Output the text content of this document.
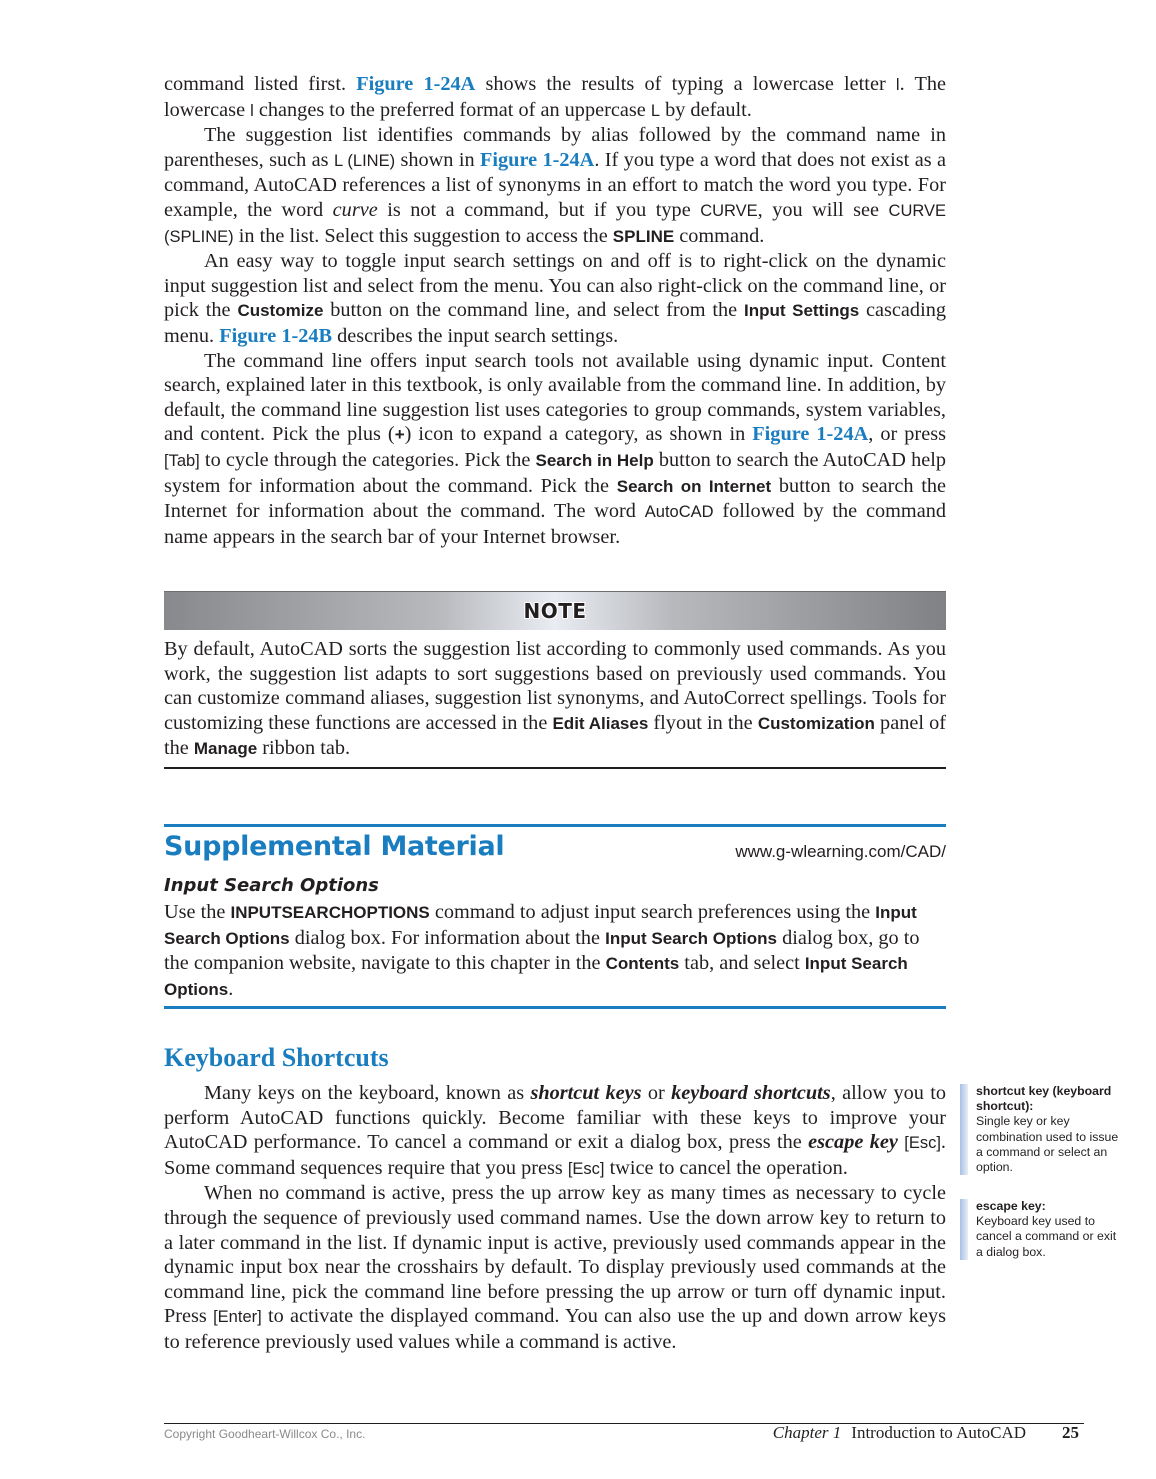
command listed first. Figure 1-24A shows the results of typing a lowercase letter l. The lowercase l changes to the preferred format of an uppercase L by default.

The suggestion list identifies commands by alias followed by the command name in parentheses, such as L (LINE) shown in Figure 1-24A. If you type a word that does not exist as a command, AutoCAD references a list of synonyms in an effort to match the word you type. For example, the word curve is not a command, but if you type CURVE, you will see CURVE (SPLINE) in the list. Select this suggestion to access the SPLINE command.

An easy way to toggle input search settings on and off is to right-click on the dynamic input suggestion list and select from the menu. You can also right-click on the command line, or pick the Customize button on the command line, and select from the Input Settings cascading menu. Figure 1-24B describes the input search settings.

The command line offers input search tools not available using dynamic input. Content search, explained later in this textbook, is only available from the command line. In addition, by default, the command line suggestion list uses categories to group commands, system variables, and content. Pick the plus (+) icon to expand a category, as shown in Figure 1-24A, or press [Tab] to cycle through the categories. Pick the Search in Help button to search the AutoCAD help system for information about the command. Pick the Search on Internet button to search the Internet for information about the command. The word AutoCAD followed by the command name appears in the search bar of your Internet browser.

NOTE

By default, AutoCAD sorts the suggestion list according to commonly used commands. As you work, the suggestion list adapts to sort suggestions based on previously used commands. You can customize command aliases, suggestion list synonyms, and AutoCorrect spellings. Tools for customizing these functions are accessed in the Edit Aliases flyout in the Customization panel of the Manage ribbon tab.

Supplemental Material	www.g-wlearning.com/CAD/
Input Search Options

Use the INPUTSEARCHOPTIONS command to adjust input search preferences using the Input Search Options dialog box. For information about the Input Search Options dialog box, go to the companion website, navigate to this chapter in the Contents tab, and select Input Search Options.

Keyboard Shortcuts

Many keys on the keyboard, known as shortcut keys or keyboard shortcuts, allow you to perform AutoCAD functions quickly. Become familiar with these keys to improve your AutoCAD performance. To cancel a command or exit a dialog box, press the escape key [Esc]. Some command sequences require that you press [Esc] twice to cancel the operation.

When no command is active, press the up arrow key as many times as necessary to cycle through the sequence of previously used command names. Use the down arrow key to return to a later command in the list. If dynamic input is active, previously used commands appear in the dynamic input box near the crosshairs by default. To display previously used commands at the command line, pick the command line before pressing the up arrow or turn off dynamic input. Press [Enter] to activate the displayed command. You can also use the up and down arrow keys to reference previously used values while a command is active.

shortcut key (keyboard shortcut):
Single key or key combination used to issue a command or select an option.
escape key:
Keyboard key used to cancel a command or exit a dialog box.
Copyright Goodheart-Willcox Co., Inc.	Chapter 1 Introduction to AutoCAD 25
